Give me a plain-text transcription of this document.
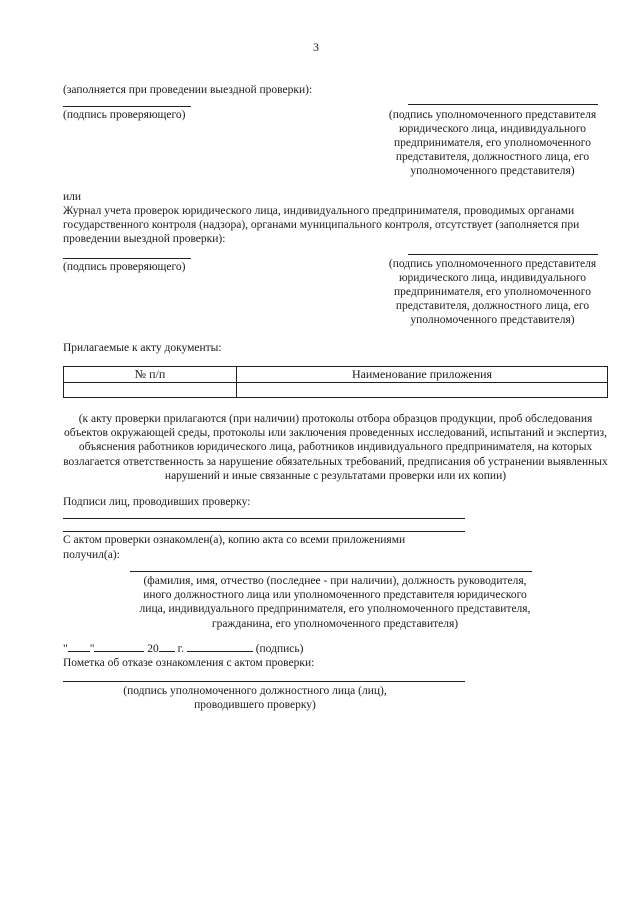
3
(заполняется при проведении выездной проверки):
(подпись проверяющего)	(подпись уполномоченного представителя юридического лица, индивидуального предпринимателя, его уполномоченного представителя, должностного лица, его уполномоченного представителя)
или
Журнал учета проверок юридического лица, индивидуального предпринимателя, проводимых органами государственного контроля (надзора), органами муниципального контроля, отсутствует (заполняется при проведении выездной проверки):
(подпись проверяющего)	(подпись уполномоченного представителя юридического лица, индивидуального предпринимателя, его уполномоченного представителя, должностного лица, его уполномоченного представителя)
Прилагаемые к акту документы:
№ п/п	Наименование приложения

(к акту проверки прилагаются (при наличии) протоколы отбора образцов продукции, проб обследования объектов окружающей среды, протоколы или заключения проведенных исследований, испытаний и экспертиз, объяснения работников юридического лица, работников индивидуального предпринимателя, на которых возлагается ответственность за нарушение обязательных требований, предписания об устранении выявленных нарушений и иные связанные с результатами проверки или их копии)
Подписи лиц, проводивших проверку:
С актом проверки ознакомлен(а), копию акта со всеми приложениями
получил(а):
(фамилия, имя, отчество (последнее - при наличии), должность руководителя, иного должностного лица или уполномоченного представителя юридического лица, индивидуального предпринимателя, его уполномоченного представителя, гражданина, его уполномоченного представителя)
" "	20 г.	(подпись)
Пометка об отказе ознакомления с актом проверки:
(подпись уполномоченного должностного лица (лиц), проводившего проверку)
